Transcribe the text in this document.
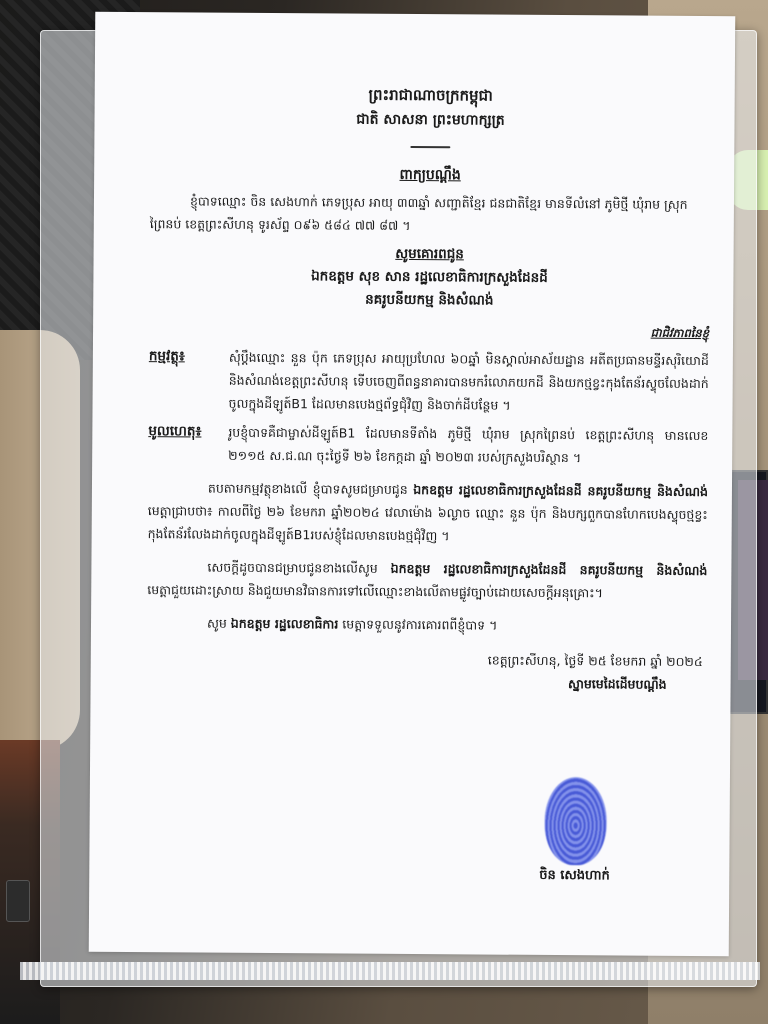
ព្រះរាជាណាចក្រកម្ពុជា
ជាតិ សាសនា ព្រះមហាក្សត្រ
ពាក្យបណ្ដឹង

ខ្ញុំបាទឈ្មោះ ចិន សេងហាក់ ភេទប្រុស អាយុ ៣៣ឆ្នាំ សញ្ជាតិខ្មែរ ជនជាតិខ្មែរ មានទីលំនៅ ភូមិថ្មី ឃុំរាម ស្រុកព្រៃនប់ ខេត្តព្រះសីហនុ ទូរស័ព្ទ ០៩៦ ៥៨៤ ៧៧ ៨៧ ។

សូមគោរពជូន
ឯកឧត្ដម សុខ សាន រដ្ឋលេខាធិការក្រសួងដែនដី
នគរូបនីយកម្ម និងសំណង់
ជាជិវភាពនៃខ្ញុំ
កម្មវត្ថុ៖	សុំប្ដឹងឈ្មោះ នួន ប៉ុក ភេទប្រុស អាយុប្រហែល ៦០ឆ្នាំ មិនស្គាល់អាស័យដ្ឋាន អតីតប្រធានមន្ទីរសុរិយោដី និងសំណង់ខេត្តព្រះសីហនុ ទើបចេញពីពន្ធនាគារបានមករំលោភយកដី និងយកថ្មខ្វះកុងតែន័រស្ទុចលែងដាក់ចូលក្នុងដីឡូត៍B1 ដែលមានបេងថ្មព័ទ្ធជុំវិញ និងចាក់ដីបន្ថែម ។
មូលហេតុ៖	រូបខ្ញុំបាទគឺជាម្ចាស់ដីឡូត៍B1 ដែលមានទីតាំង ភូមិថ្មី ឃុំរាម ស្រុកព្រៃនប់ ខេត្តព្រះសីហនុ មានលេខ ២១១៥ ស.ជ.ណ ចុះថ្ងៃទី ២៦ ខែកក្កដា ឆ្នាំ ២០២៣ របស់ក្រសួងបរិស្ថាន ។

តបតាមកម្មវត្ថុខាងលើ ខ្ញុំបាទសូមជម្រាបជូន ឯកឧត្ដម រដ្ឋលេខាធិការក្រសួងដែនដី នគរូបនីយកម្ម និងសំណង់ មេត្តាជ្រាបថា៖ កាលពីថ្ងៃ ២៦ ខែមករា ឆ្នាំ២០២៤ វេលាម៉ោង ៦ល្ងាច ឈ្មោះ នួន ប៉ុក និងបក្សពួកបានហែកបេងស្ទុចថ្មខ្វះកុងតែន័រលែងដាក់ចូលក្នុងដីឡូត៍B1របស់ខ្ញុំដែលមានបេងថ្មជុំវិញ ។

សេចក្ដីដូចបានជម្រាបជូនខាងលើសូម ឯកឧត្ដម រដ្ឋលេខាធិការក្រសួងដែនដី នគរូបនីយកម្ម និងសំណង់ មេត្តាជួយដោះស្រាយ និងជួយមានវិធានការទៅលើឈ្មោះខាងលើតាមផ្លូវច្បាប់ដោយសេចក្ដីអនុគ្រោះ។

សូម ឯកឧត្ដម រដ្ឋលេខាធិការ មេត្តាទទួលនូវការគោរពពីខ្ញុំបាទ ។

ខេត្តព្រះសីហនុ, ថ្ងៃទី ២៥ ខែមករា ឆ្នាំ ២០២៤
ស្នាមមេដៃដើមបណ្ដឹង
ចិន សេងហាក់
